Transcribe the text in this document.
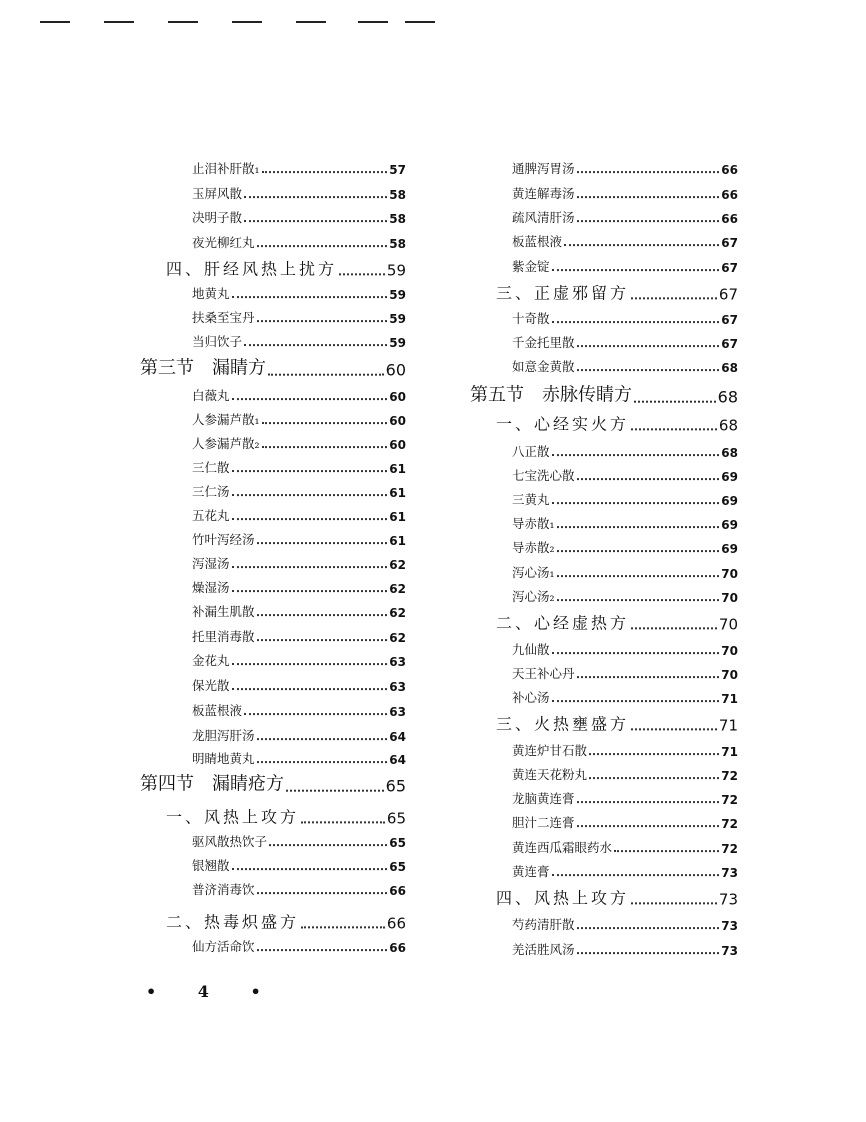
止泪补肝散₁	57
玉屏风散	58
决明子散	58
夜光柳红丸	58
四、肝经风热上扰方	59
地黄丸	59
扶桑至宝丹	59
当归饮子	59
第三节　漏睛方	60
白薇丸	60
人参漏芦散₁	60
人参漏芦散₂	60
三仁散	61
三仁汤	61
五花丸	61
竹叶泻经汤	61
泻湿汤	62
燥湿汤	62
补漏生肌散	62
托里消毒散	62
金花丸	63
保光散	63
板蓝根液	63
龙胆泻肝汤	64
明睛地黄丸	64
第四节　漏睛疮方	65
一、风热上攻方	65
驱风散热饮子	65
银翘散	65
普济消毒饮	66
二、热毒炽盛方	66
仙方活命饮	66
通脾泻胃汤	66
黄连解毒汤	66
疏风清肝汤	66
板蓝根液	67
紫金锭	67
三、正虚邪留方	67
十奇散	67
千金托里散	67
如意金黄散	68
第五节　赤脉传睛方	68
一、心经实火方	68
八正散	68
七宝洗心散	69
三黄丸	69
导赤散₁	69
导赤散₂	69
泻心汤₁	70
泻心汤₂	70
二、心经虚热方	70
九仙散	70
天王补心丹	70
补心汤	71
三、火热壅盛方	71
黄连炉甘石散	71
黄连天花粉丸	72
龙脑黄连膏	72
胆汁二连膏	72
黄连西瓜霜眼药水	72
黄连膏	73
四、风热上攻方	73
芍药清肝散	73
羌活胜风汤	73
• 4 •
